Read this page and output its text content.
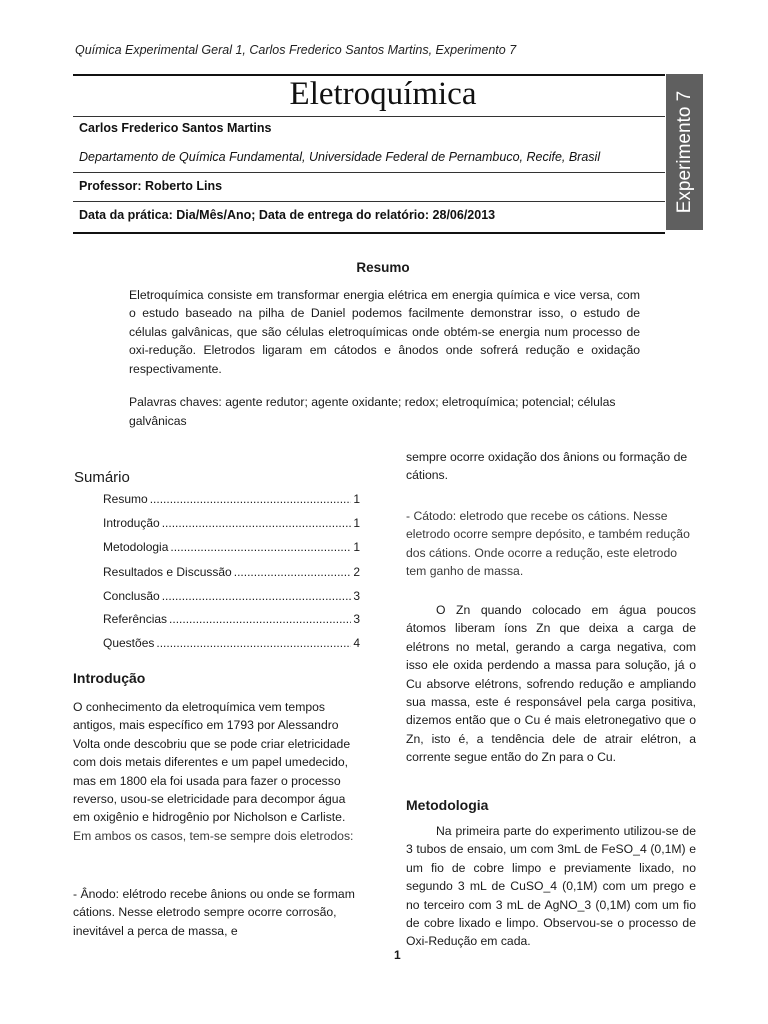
Química Experimental Geral 1, Carlos Frederico Santos Martins, Experimento 7
Eletroquímica
Carlos Frederico Santos Martins
Departamento de Química Fundamental, Universidade Federal de Pernambuco, Recife, Brasil
Professor: Roberto Lins
Data da prática: Dia/Mês/Ano; Data de entrega do relatório: 28/06/2013
Experimento 7
Resumo
Eletroquímica consiste em transformar energia elétrica em energia química e vice versa, com o estudo baseado na pilha de Daniel podemos facilmente demonstrar isso, o estudo de células galvânicas, que são células eletroquímicas onde obtém-se energia num processo de oxi-redução. Eletrodos ligaram em cátodos e ânodos onde sofrerá redução e oxidação respectivamente.
Palavras chaves: agente redutor; agente oxidante; redox; eletroquímica; potencial; células galvânicas
Sumário
Resumo .....	1
Introdução .....	1
Metodologia .....	1
Resultados e Discussão .....	2
Conclusão .....	3
Referências .....	3
Questões .....	4
Introdução
O conhecimento da eletroquímica vem tempos antigos, mais específico em 1793 por Alessandro Volta onde descobriu que se pode criar eletricidade com dois metais diferentes e um papel umedecido, mas em 1800 ela foi usada para fazer o processo reverso, usou-se eletricidade para decompor água em oxigênio e hidrogênio por Nicholson e Carliste. Em ambos os casos, tem-se sempre dois eletrodos:
- Ânodo: elétrodo recebe ânions ou onde se formam cátions. Nesse eletrodo sempre ocorre corrosão, inevitável a perca de massa, e
sempre ocorre oxidação dos ânions ou formação de cátions.
- Cátodo: eletrodo que recebe os cátions. Nesse eletrodo ocorre sempre depósito, e também redução dos cátions. Onde ocorre a redução, este eletrodo tem ganho de massa.
O Zn quando colocado em água poucos átomos liberam íons Zn que deixa a carga de elétrons no metal, gerando a carga negativa, com isso ele oxida perdendo a massa para solução, já o Cu absorve elétrons, sofrendo redução e ampliando sua massa, este é responsável pela carga positiva, dizemos então que o Cu é mais eletronegativo que o Zn, isto é, a tendência dele de atrair elétron, a corrente segue então do Zn para o Cu.
Metodologia
Na primeira parte do experimento utilizou-se de 3 tubos de ensaio, um com 3mL de FeSO_4 (0,1M) e um fio de cobre limpo e previamente lixado, no segundo 3 mL de CuSO_4 (0,1M) com um prego e no terceiro com 3 mL de AgNO_3 (0,1M) com um fio de cobre lixado e limpo. Observou-se o processo de Oxi-Redução em cada.
1
